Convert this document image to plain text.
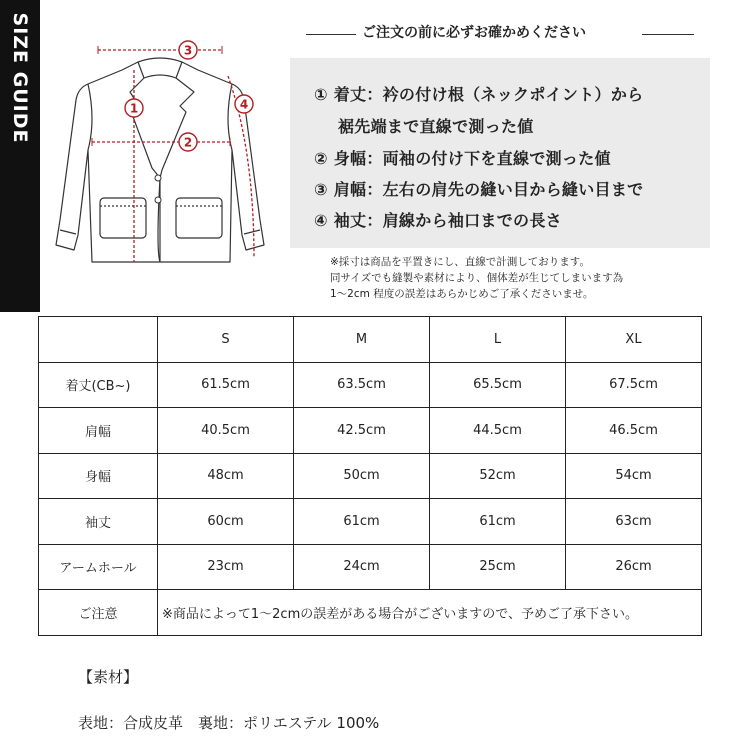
SIZE GUIDE	3
2
1	4
ご注文の前に必ずお確かめください
① 着丈：衿の付け根（ネックポイント）から
裾先端まで直線で測った値
② 身幅：両袖の付け下を直線で測った値
③ 肩幅：左右の肩先の縫い目から縫い目まで
④ 袖丈：肩線から袖口までの長さ
※採寸は商品を平置きにし、直線で計測しております。
同サイズでも縫製や素材により、個体差が生じてしまいます為
1～2cm 程度の誤差はあらかじめご了承くださいませ。
	S	M	L	XL
着丈(CB~)	61.5cm	63.5cm	65.5cm	67.5cm
肩幅	40.5cm	42.5cm	44.5cm	46.5cm
身幅	48cm	50cm	52cm	54cm
袖丈	60cm	61cm	61cm	63cm
アームホール	23cm	24cm	25cm	26cm
ご注意	※商品によって1～2cmの誤差がある場合がございますので、予めご了承下さい。			
【素材】
表地：合成皮革　裏地：ポリエステル 100%
